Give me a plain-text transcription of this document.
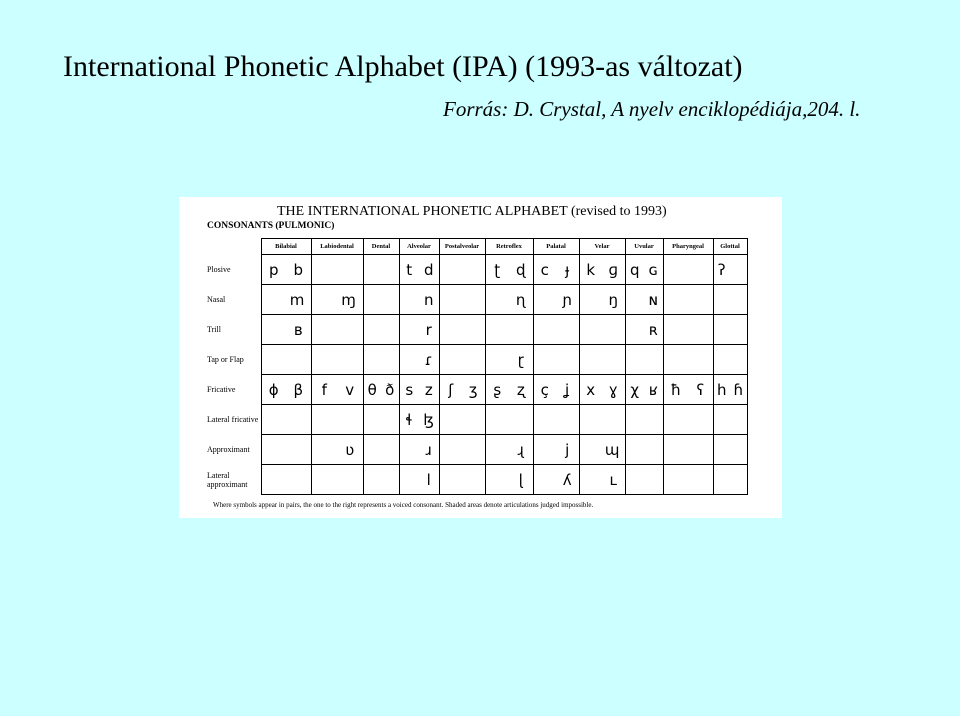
International Phonetic Alphabet (IPA) (1993-as változat)
Forrás: D. Crystal, A nyelv enciklopédiája,204. l.
THE INTERNATIONAL PHONETIC ALPHABET (revised to 1993)
CONSONANTS (PULMONIC)
	Bilabial	Labiodental	Dental	Alveolar	Postalveolar	Retroflex	Palatal	Velar	Uvular	Pharyngeal	Glottal
Plosive	p b			t d		ʈ ɖ	c ɟ	k ɡ	q ɢ		ʔ

Nasal	m	ɱ		n		ɳ	ɲ	ŋ	ɴ		

Trill	ʙ			r					ʀ		

Tap or Flap				ɾ		ɽ					

Fricative	ɸ β	f v	θ ð	s z	ʃ ʒ	ʂ ʐ	ç ʝ	x ɣ	χ ʁ	ħ ʕ	h ɦ

Lateral fricative				ɬ ɮ							

Approximant		ʋ		ɹ		ɻ	j	ɰ			

Lateral approximant				l		ɭ	ʎ	ʟ			

Where symbols appear in pairs, the one to the right represents a voiced consonant. Shaded areas denote articulations judged impossible.
